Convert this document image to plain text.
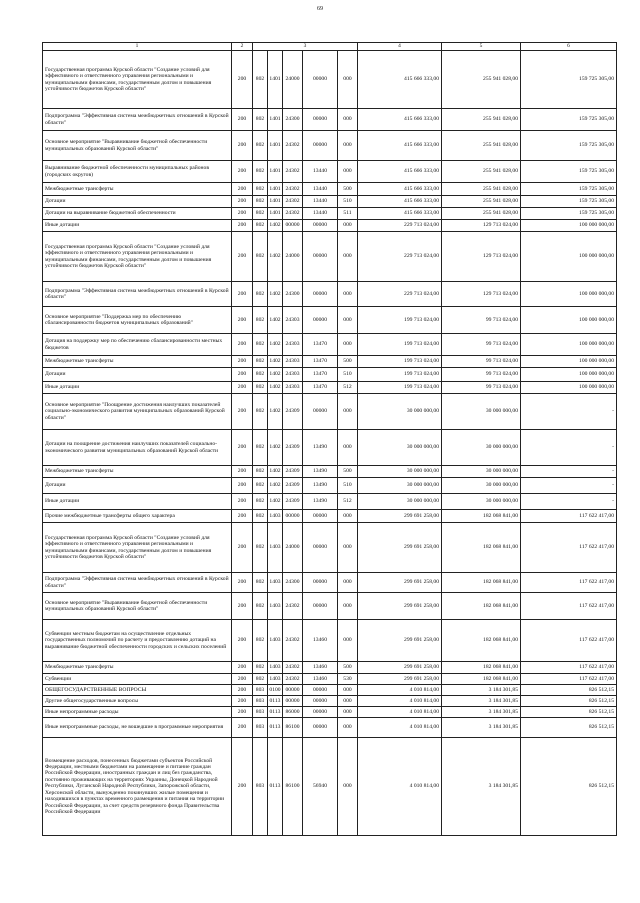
69
1	2	3					4	5	6
Государственная программа Курской области "Создание условий для эффективного и ответственного управления региональными и муниципальными финансами, государственным долгом и повышения устойчивости бюджетов Курской области"	200	802	1401	24000	00000	000	415 666 333,00	255 941 028,00	159 725 305,00
Подпрограмма "Эффективная система межбюджетных отношений в Курской области"	200	802	1401	24300	00000	000	415 666 333,00	255 941 028,00	159 725 305,00
Основное мероприятие "Выравнивание бюджетной обеспеченности муниципальных образований Курской области"	200	802	1401	24302	00000	000	415 666 333,00	255 941 028,00	159 725 305,00
Выравнивание бюджетной обеспеченности муниципальных районов (городских округов)	200	802	1401	24302	13440	000	415 666 333,00	255 941 028,00	159 725 305,00
Межбюджетные трансферты	200	802	1401	24302	13440	500	415 666 333,00	255 941 028,00	159 725 305,00
Дотации	200	802	1401	24302	13440	510	415 666 333,00	255 941 028,00	159 725 305,00
Дотации на выравнивание бюджетной обеспеченности	200	802	1401	24302	13440	511	415 666 333,00	255 941 028,00	159 725 305,00
Иные дотации	200	802	1402	00000	00000	000	229 713 024,00	129 713 024,00	100 000 000,00
Государственная программа Курской области "Создание условий для эффективного и ответственного управления региональными и муниципальными финансами, государственным долгом и повышения устойчивости бюджетов Курской области"	200	802	1402	24000	00000	000	229 713 024,00	129 713 024,00	100 000 000,00
Подпрограмма "Эффективная система межбюджетных отношений в Курской области"	200	802	1402	24300	00000	000	229 713 024,00	129 713 024,00	100 000 000,00
Основное мероприятие "Поддержка мер по обеспечению сбалансированности бюджетов муниципальных образований"	200	802	1402	24303	00000	000	199 713 024,00	99 713 024,00	100 000 000,00
Дотация на поддержку мер по обеспечению сбалансированности местных бюджетов	200	802	1402	24303	13470	000	199 713 024,00	99 713 024,00	100 000 000,00
Межбюджетные трансферты	200	802	1402	24303	13470	500	199 713 024,00	99 713 024,00	100 000 000,00
Дотации	200	802	1402	24303	13470	510	199 713 024,00	99 713 024,00	100 000 000,00
Иные дотации	200	802	1402	24303	13470	512	199 713 024,00	99 713 024,00	100 000 000,00
Основное мероприятие "Поощрение достижения наилучших показателей социально-экономического развития муниципальных образований Курской области"	200	802	1402	24309	00000	000	30 000 000,00	30 000 000,00	-
Дотации на поощрение достижения наилучших показателей социально-экономического развития муниципальных образований Курской области	200	802	1402	24309	13490	000	30 000 000,00	30 000 000,00	-
Межбюджетные трансферты	200	802	1402	24309	13490	500	30 000 000,00	30 000 000,00	-
Дотации	200	802	1402	24309	13490	510	30 000 000,00	30 000 000,00	-
Иные дотации	200	802	1402	24309	13490	512	30 000 000,00	30 000 000,00	-
Прочие межбюджетные трансферты общего характера	200	802	1403	00000	00000	000	299 691 258,00	182 068 841,00	117 622 417,00
Государственная программа Курской области "Создание условий для эффективного и ответственного управления региональными и муниципальными финансами, государственным долгом и повышения устойчивости бюджетов Курской области"	200	802	1403	24000	00000	000	299 691 258,00	182 068 841,00	117 622 417,00
Подпрограмма "Эффективная система межбюджетных отношений в Курской области"	200	802	1403	24300	00000	000	299 691 258,00	182 068 841,00	117 622 417,00
Основное мероприятие "Выравнивание бюджетной обеспеченности муниципальных образований Курской области"	200	802	1403	24302	00000	000	299 691 258,00	182 068 841,00	117 622 417,00
Субвенции местным бюджетам на осуществление отдельных государственных полномочий по расчету и предоставлению дотаций на выравнивание бюджетной обеспеченности городских и сельских поселений	200	802	1403	24302	13460	000	299 691 258,00	182 068 841,00	117 622 417,00
Межбюджетные трансферты	200	802	1403	24302	13460	500	299 691 258,00	182 068 841,00	117 622 417,00
Субвенции	200	802	1403	24302	13460	530	299 691 258,00	182 068 841,00	117 622 417,00
ОБЩЕГОСУДАРСТВЕННЫЕ ВОПРОСЫ	200	803	0100	00000	00000	000	4 010 814,00	3 184 301,85	826 512,15
Другие общегосударственные вопросы	200	803	0113	00000	00000	000	4 010 814,00	3 184 301,85	826 512,15
Иные непрограммные расходы	200	803	0113	86000	00000	000	4 010 814,00	3 184 301,85	826 512,15
Иные непрограммные расходы, не вошедшие в программные мероприятия	200	803	0113	86100	00000	000	4 010 814,00	3 184 301,85	826 512,15
Возмещение расходов, понесенных бюджетами субъектов Российской Федерации, местными бюджетами на размещение и питание граждан Российской Федерации, иностранных граждан и лиц без гражданства, постоянно проживающих на территориях Украины, Донецкой Народной Республики, Луганской Народной Республики, Запорожской области, Херсонской области, вынужденно покинувших жилые помещения и находившихся в пунктах временного размещения и питания на территории Российской Федерации, за счет средств резервного фонда Правительства Российской Федерации	200	803	0113	86100	56940	000	4 010 814,00	3 184 301,85	826 512,15
